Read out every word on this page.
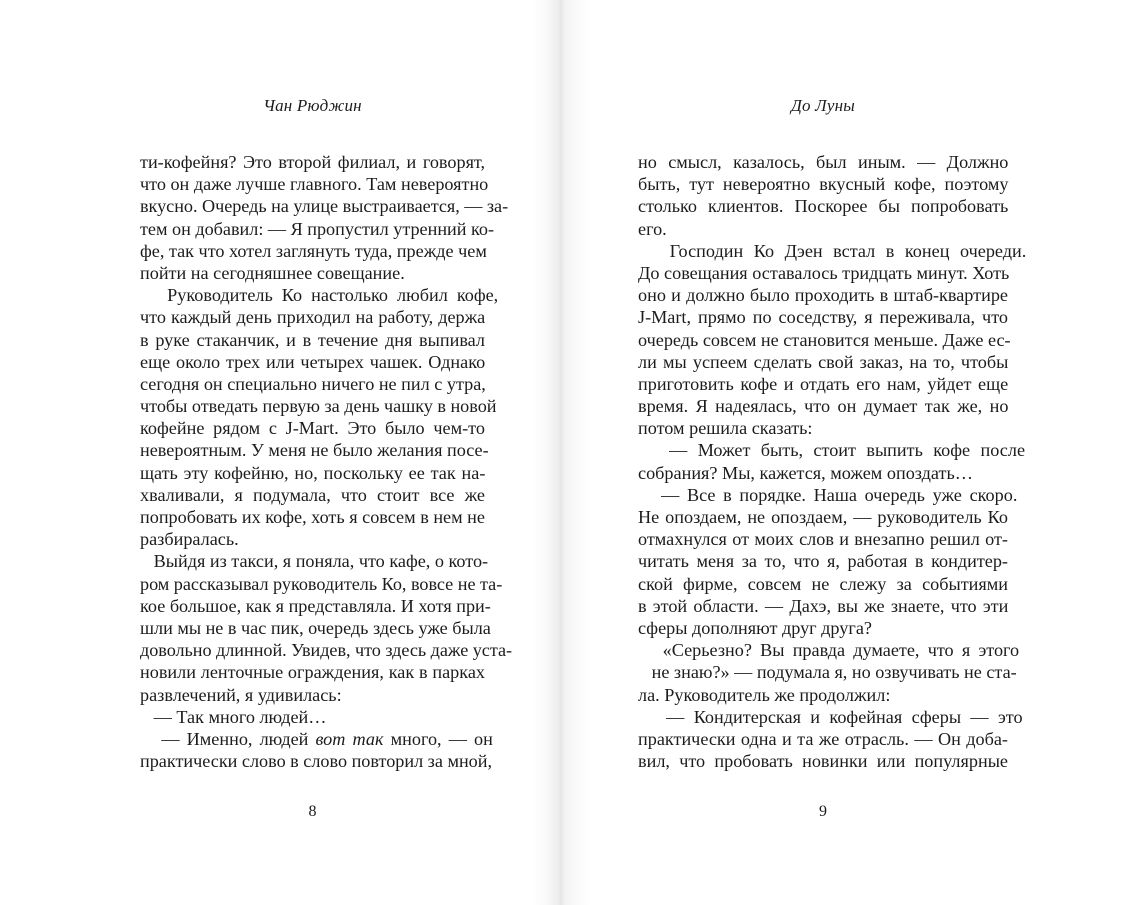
Чан Рюджин
ти-кофейня? Это второй филиал, и говорят,
что он даже лучше главного. Там невероятно
вкусно. Очередь на улице выстраивается, — за-
тем он добавил: — Я пропустил утренний ко-
фе, так что хотел заглянуть туда, прежде чем
пойти на сегодняшнее совещание.
Руководитель Ко настолько любил кофе,
что каждый день приходил на работу, держа
в руке стаканчик, и в течение дня выпивал
еще около трех или четырех чашек. Однако
сегодня он специально ничего не пил с утра,
чтобы отведать первую за день чашку в новой
кофейне рядом с J-Mart. Это было чем-то
невероятным. У меня не было желания посе-
щать эту кофейню, но, поскольку ее так на-
хваливали, я подумала, что стоит все же
попробовать их кофе, хоть я совсем в нем не
разбиралась.
Выйдя из такси, я поняла, что кафе, о кото-
ром рассказывал руководитель Ко, вовсе не та-
кое большое, как я представляла. И хотя при-
шли мы не в час пик, очередь здесь уже была
довольно длинной. Увидев, что здесь даже уста-
новили ленточные ограждения, как в парках
развлечений, я удивилась:
— Так много людей…
— Именно, людей вот так много, — он
практически слово в слово повторил за мной,
8
До Луны
но смысл, казалось, был иным. — Должно
быть, тут невероятно вкусный кофе, поэтому
столько клиентов. Поскорее бы попробовать
его.
Господин Ко Дэен встал в конец очереди.
До совещания оставалось тридцать минут. Хоть
оно и должно было проходить в штаб-квартире
J-Mart, прямо по соседству, я переживала, что
очередь совсем не становится меньше. Даже ес-
ли мы успеем сделать свой заказ, на то, чтобы
приготовить кофе и отдать его нам, уйдет еще
время. Я надеялась, что он думает так же, но
потом решила сказать:
— Может быть, стоит выпить кофе после
собрания? Мы, кажется, можем опоздать…
— Все в порядке. Наша очередь уже скоро.
Не опоздаем, не опоздаем, — руководитель Ко
отмахнулся от моих слов и внезапно решил от-
читать меня за то, что я, работая в кондитер-
ской фирме, совсем не слежу за событиями
в этой области. — Дахэ, вы же знаете, что эти
сферы дополняют друг друга?
«Серьезно? Вы правда думаете, что я этого
не знаю?» — подумала я, но озвучивать не ста-
ла. Руководитель же продолжил:
— Кондитерская и кофейная сферы — это
практически одна и та же отрасль. — Он доба-
вил, что пробовать новинки или популярные
9
